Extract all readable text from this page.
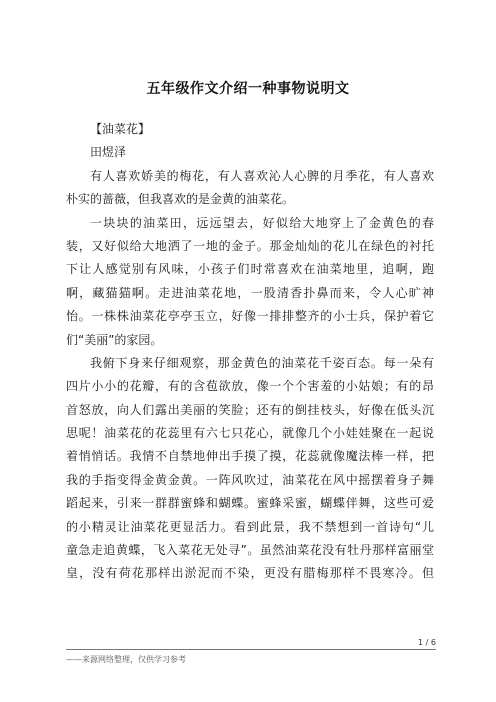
五年级作文介绍一种事物说明文
【油菜花】
田煜泽
有人喜欢娇美的梅花，有人喜欢沁人心脾的月季花，有人喜欢
朴实的蔷薇，但我喜欢的是金黄的油菜花。
一块块的油菜田，远远望去，好似给大地穿上了金黄色的春
装，又好似给大地洒了一地的金子。那金灿灿的花儿在绿色的衬托
下让人感觉别有风味，小孩子们时常喜欢在油菜地里，追啊，跑
啊，藏猫猫啊。走进油菜花地，一股清香扑鼻而来，令人心旷神
怡。一株株油菜花亭亭玉立，好像一排排整齐的小士兵，保护着它
们“美丽”的家园。
我俯下身来仔细观察，那金黄色的油菜花千姿百态。每一朵有
四片小小的花瓣，有的含苞欲放，像一个个害羞的小姑娘；有的昂
首怒放，向人们露出美丽的笑脸；还有的倒挂枝头，好像在低头沉
思呢！油菜花的花蕊里有六七只花心，就像几个小娃娃聚在一起说
着悄悄话。我情不自禁地伸出手摸了摸，花蕊就像魔法棒一样，把
我的手指变得金黄金黄。一阵风吹过，油菜花在风中摇摆着身子舞
蹈起来，引来一群群蜜蜂和蝴蝶。蜜蜂采蜜，蝴蝶伴舞，这些可爱
的小精灵让油菜花更显活力。看到此景，我不禁想到一首诗句“儿
童急走追黄蝶，飞入菜花无处寻”。虽然油菜花没有牡丹那样富丽堂
皇，没有荷花那样出淤泥而不染，更没有腊梅那样不畏寒冷。但
1 / 6
——来源网络整理，仅供学习参考
